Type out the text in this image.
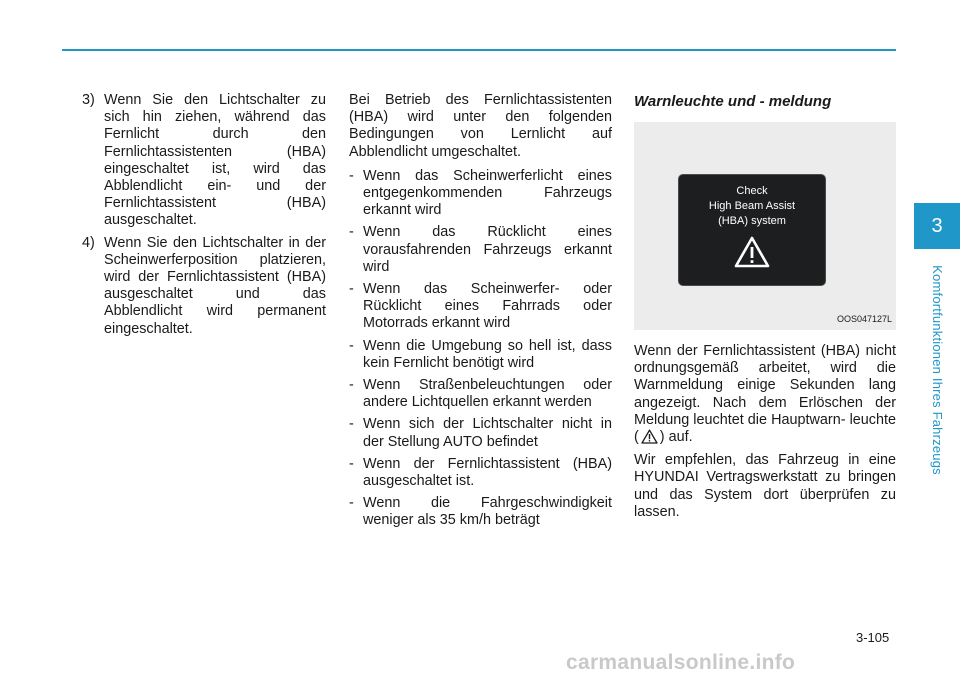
3) Wenn Sie den Lichtschalter zu sich hin ziehen, während das Fernlicht durch den Fernlichtassistenten (HBA) eingeschaltet ist, wird das Abblendlicht ein- und der Fernlichtassistent (HBA) ausgeschaltet.
4) Wenn Sie den Lichtschalter in der Scheinwerferposition platzieren, wird der Fernlichtassistent (HBA) ausgeschaltet und das Abblendlicht wird permanent eingeschaltet.

Bei Betrieb des Fernlichtassistenten (HBA) wird unter den folgenden Bedingungen von Lernlicht auf Abblendlicht umgeschaltet.

- Wenn das Scheinwerferlicht eines entgegenkommenden Fahrzeugs erkannt wird
- Wenn das Rücklicht eines vorausfahrenden Fahrzeugs erkannt wird
- Wenn das Scheinwerfer- oder Rücklicht eines Fahrrads oder Motorrads erkannt wird
- Wenn die Umgebung so hell ist, dass kein Fernlicht benötigt wird
- Wenn Straßenbeleuchtungen oder andere Lichtquellen erkannt werden
- Wenn sich der Lichtschalter nicht in der Stellung AUTO befindet
- Wenn der Fernlichtassistent (HBA) ausgeschaltet ist.
- Wenn die Fahrgeschwindigkeit weniger als 35 km/h beträgt
Warnleuchte und - meldung
Check
High Beam Assist
(HBA) system
OOS047127L

Wenn der Fernlichtassistent (HBA) nicht ordnungsgemäß arbeitet, wird die Warnmeldung einige Sekunden lang angezeigt. Nach dem Erlöschen der Meldung leuchtet die Hauptwarn- leuchte ( ) auf.

Wir empfehlen, das Fahrzeug in eine HYUNDAI Vertragswerkstatt zu bringen und das System dort überprüfen zu lassen.

3
Komfortfunktionen Ihres Fahrzeugs
3-105
carmanualsonline.info
